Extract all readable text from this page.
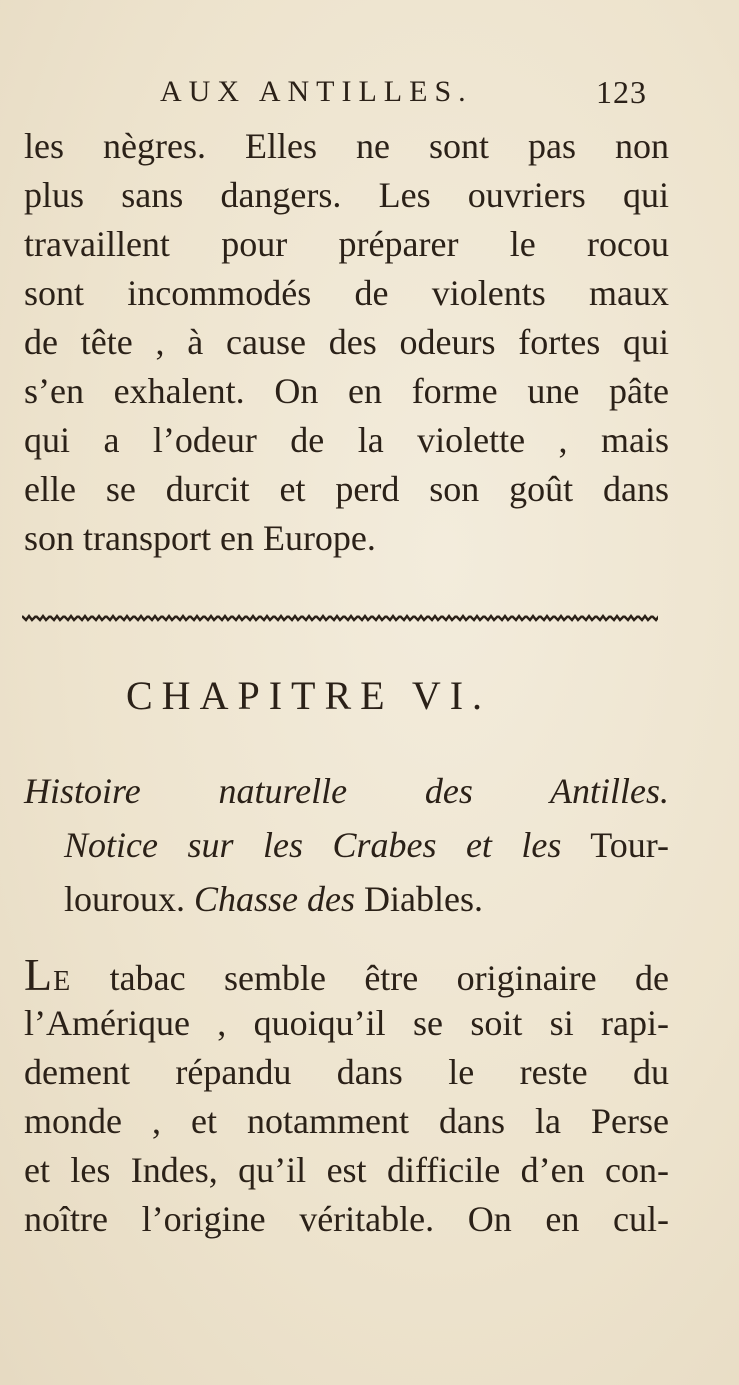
AUX ANTILLES.	123
les nègres. Elles ne sont pas non
plus sans dangers. Les ouvriers qui
travaillent pour préparer le rocou
sont incommodés de violents maux
de tête , à cause des odeurs fortes qui
s’en exhalent. On en forme une pâte
qui a l’odeur de la violette , mais
elle se durcit et perd son goût dans
son transport en Europe.
CHAPITRE VI.
Histoire naturelle des Antilles.
Notice sur les Crabes et les Tour-
louroux. Chasse des Diables.
LE tabac semble être originaire de
l’Amérique , quoiqu’il se soit si rapi-
dement répandu dans le reste du
monde , et notamment dans la Perse
et les Indes, qu’il est difficile d’en con-
noître l’origine véritable. On en cul-
